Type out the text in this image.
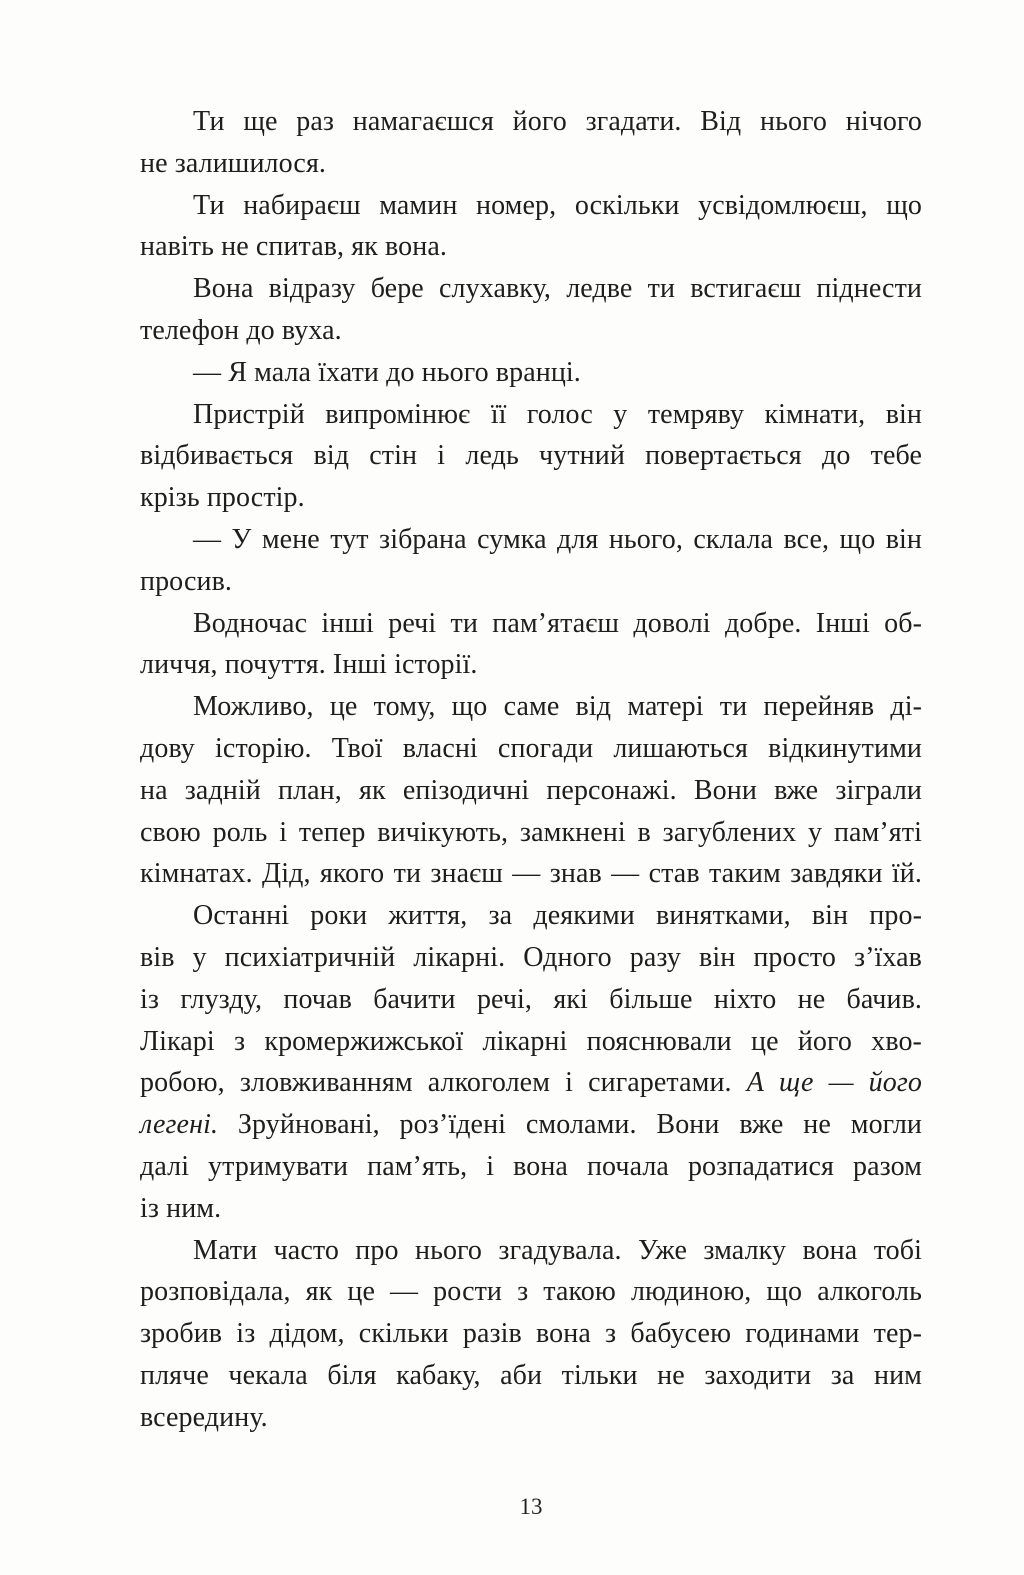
Ти ще раз намагаєшся його згадати. Від нього нічого
не залишилося.
Ти набираєш мамин номер, оскільки усвідомлюєш, що
навіть не спитав, як вона.
Вона відразу бере слухавку, ледве ти встигаєш піднести
телефон до вуха.
— Я мала їхати до нього вранці.
Пристрій випромінює її голос у темряву кімнати, він
відбивається від стін і ледь чутний повертається до тебе
крізь простір.
— У мене тут зібрана сумка для нього, склала все, що він
просив.
Водночас інші речі ти пам’ятаєш доволі добре. Інші об-
личчя, почуття. Інші історії.
Можливо, це тому, що саме від матері ти перейняв ді-
дову історію. Твої власні спогади лишаються відкинутими
на задній план, як епізодичні персонажі. Вони вже зіграли
свою роль і тепер вичікують, замкнені в загублених у пам’яті
кімнатах. Дід, якого ти знаєш — знав — став таким завдяки їй.
Останні роки життя, за деякими винятками, він про-
вів у психіатричній лікарні. Одного разу він просто з’їхав
із глузду, почав бачити речі, які більше ніхто не бачив.
Лікарі з кромержижської лікарні пояснювали це його хво-
робою, зловживанням алкоголем і сигаретами. А ще — його
легені. Зруйновані, роз’їдені смолами. Вони вже не могли
далі утримувати пам’ять, і вона почала розпадатися разом
із ним.
Мати часто про нього згадувала. Уже змалку вона тобі
розповідала, як це — рости з такою людиною, що алкоголь
зробив із дідом, скільки разів вона з бабусею годинами тер-
пляче чекала біля кабаку, аби тільки не заходити за ним
всередину.
13
